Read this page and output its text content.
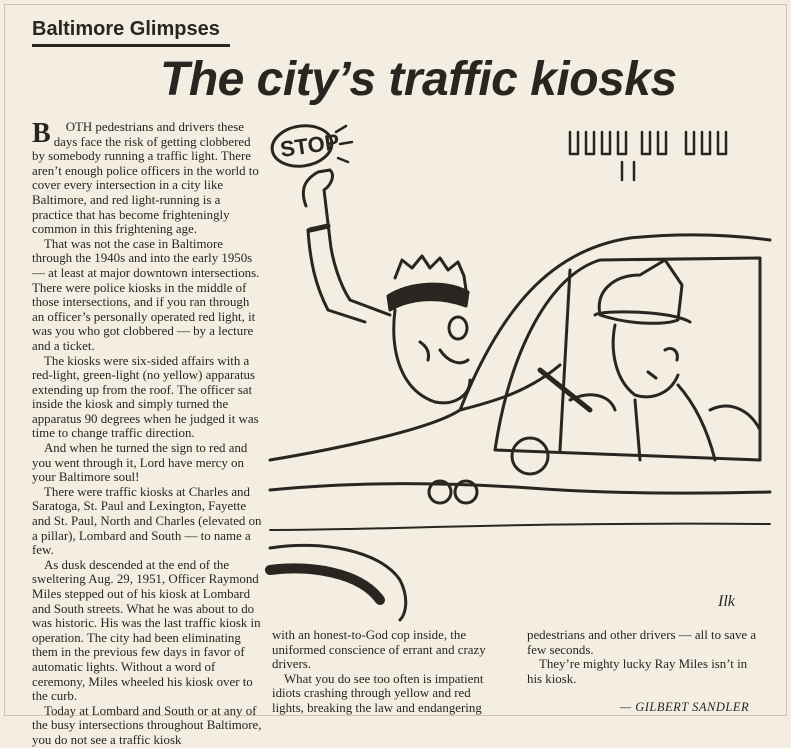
Baltimore Glimpses
The city’s traffic kiosks

B OTH pedestrians and drivers these days face the risk of getting clobbered by somebody running a traffic light. There aren’t enough police officers in the world to cover every intersection in a city like Baltimore, and red light-running is a practice that has become frighteningly common in this frightening age.

That was not the case in Baltimore through the 1940s and into the early 1950s — at least at major downtown intersections. There were police kiosks in the middle of those intersections, and if you ran through an officer’s personally operated red light, it was you who got clobbered — by a lecture and a ticket.

The kiosks were six-sided affairs with a red-light, green-light (no yellow) apparatus extending up from the roof. The officer sat inside the kiosk and simply turned the apparatus 90 degrees when he judged it was time to change traffic direction.

And when he turned the sign to red and you went through it, Lord have mercy on your Baltimore soul!

There were traffic kiosks at Charles and Saratoga, St. Paul and Lexington, Fayette and St. Paul, North and Charles (elevated on a pillar), Lombard and South — to name a few.

As dusk descended at the end of the sweltering Aug. 29, 1951, Officer Raymond Miles stepped out of his kiosk at Lombard and South streets. What he was about to do was historic. His was the last traffic kiosk in operation. The city had been eliminating them in the previous few days in favor of automatic lights. Without a word of ceremony, Miles wheeled his kiosk over to the curb.

Today at Lombard and South or at any of the busy intersections throughout Baltimore, you do not see a traffic kiosk

with an honest-to-God cop inside, the uniformed conscience of errant and crazy drivers.

What you do see too often is impatient idiots crashing through yellow and red lights, breaking the law and endangering

pedestrians and other drivers — all to save a few seconds.

They’re mighty lucky Ray Miles isn’t in his kiosk.

— GILBERT SANDLER
STOP
Ilk
